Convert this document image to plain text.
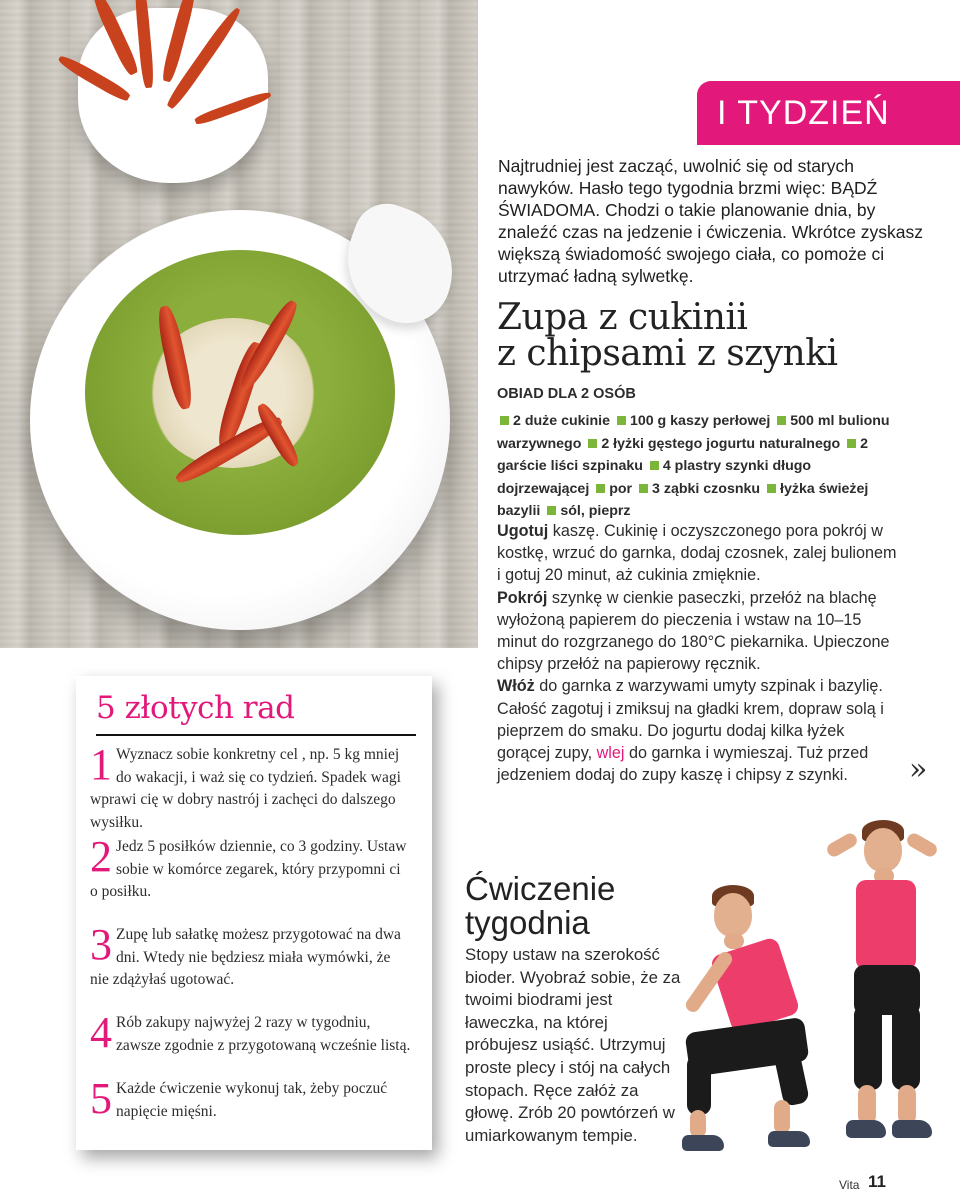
I TYDZIEŃ
Najtrudniej jest zacząć, uwolnić się od starych nawyków. Hasło tego tygodnia brzmi więc: BĄDŹ ŚWIADOMA. Chodzi o takie planowanie dnia, by znaleźć czas na jedzenie i ćwiczenia. Wkrótce zyskasz większą świadomość swojego ciała, co pomoże ci utrzymać ładną sylwetkę.
Zupa z cukinii
z chipsami z szynki
OBIAD DLA 2 OSÓB
2 duże cukinie 100 g kaszy perłowej 500 ml bulionu warzywnego 2 łyżki gęstego jogurtu naturalnego 2 garście liści szpinaku 4 plastry szynki długo dojrzewającej por 3 ząbki czosnku łyżka świeżej bazylii sól, pieprz

Ugotuj kaszę. Cukinię i oczyszczonego pora pokrój w kostkę, wrzuć do garnka, dodaj czosnek, zalej bulionem i gotuj 20 minut, aż cukinia zmięknie.

Pokrój szynkę w cienkie paseczki, przełóż na blachę wyłożoną papierem do pieczenia i wstaw na 10–15 minut do rozgrzanego do 180°C piekarnika. Upieczone chipsy przełóż na papierowy ręcznik.

Włóż do garnka z warzywami umyty szpinak i bazylię. Całość zagotuj i zmiksuj na gładki krem, dopraw solą i pieprzem do smaku. Do jogurtu dodaj kilka łyżek gorącej zupy, wlej do garnka i wymieszaj. Tuż przed jedzeniem dodaj do zupy kaszę i chipsy z szynki.	»
5 złotych rad
1 Wyznacz sobie konkretny cel , np. 5 kg mniej do wakacji, i waż się co tydzień. Spadek wagi wprawi cię w dobry nastrój i zachęci do dalszego wysiłku.
2 Jedz 5 posiłków dziennie, co 3 godziny. Ustaw sobie w komórce zegarek, który przypomni ci o posiłku.
3 Zupę lub sałatkę możesz przygotować na dwa dni. Wtedy nie będziesz miała wymówki, że nie zdążyłaś ugotować.
4 Rób zakupy najwyżej 2 razy w tygodniu, zawsze zgodnie z przygotowaną wcześnie listą.
5 Każde ćwiczenie wykonuj tak, żeby poczuć napięcie mięśni.
Ćwiczenie
tygodnia
Stopy ustaw na szerokość bioder. Wyobraź sobie, że za twoimi biodrami jest ławeczka, na której próbujesz usiąść. Utrzymuj proste plecy i stój na całych stopach. Ręce załóż za głowę. Zrób 20 powtórzeń w umiarkowanym tempie.
Vita 11
